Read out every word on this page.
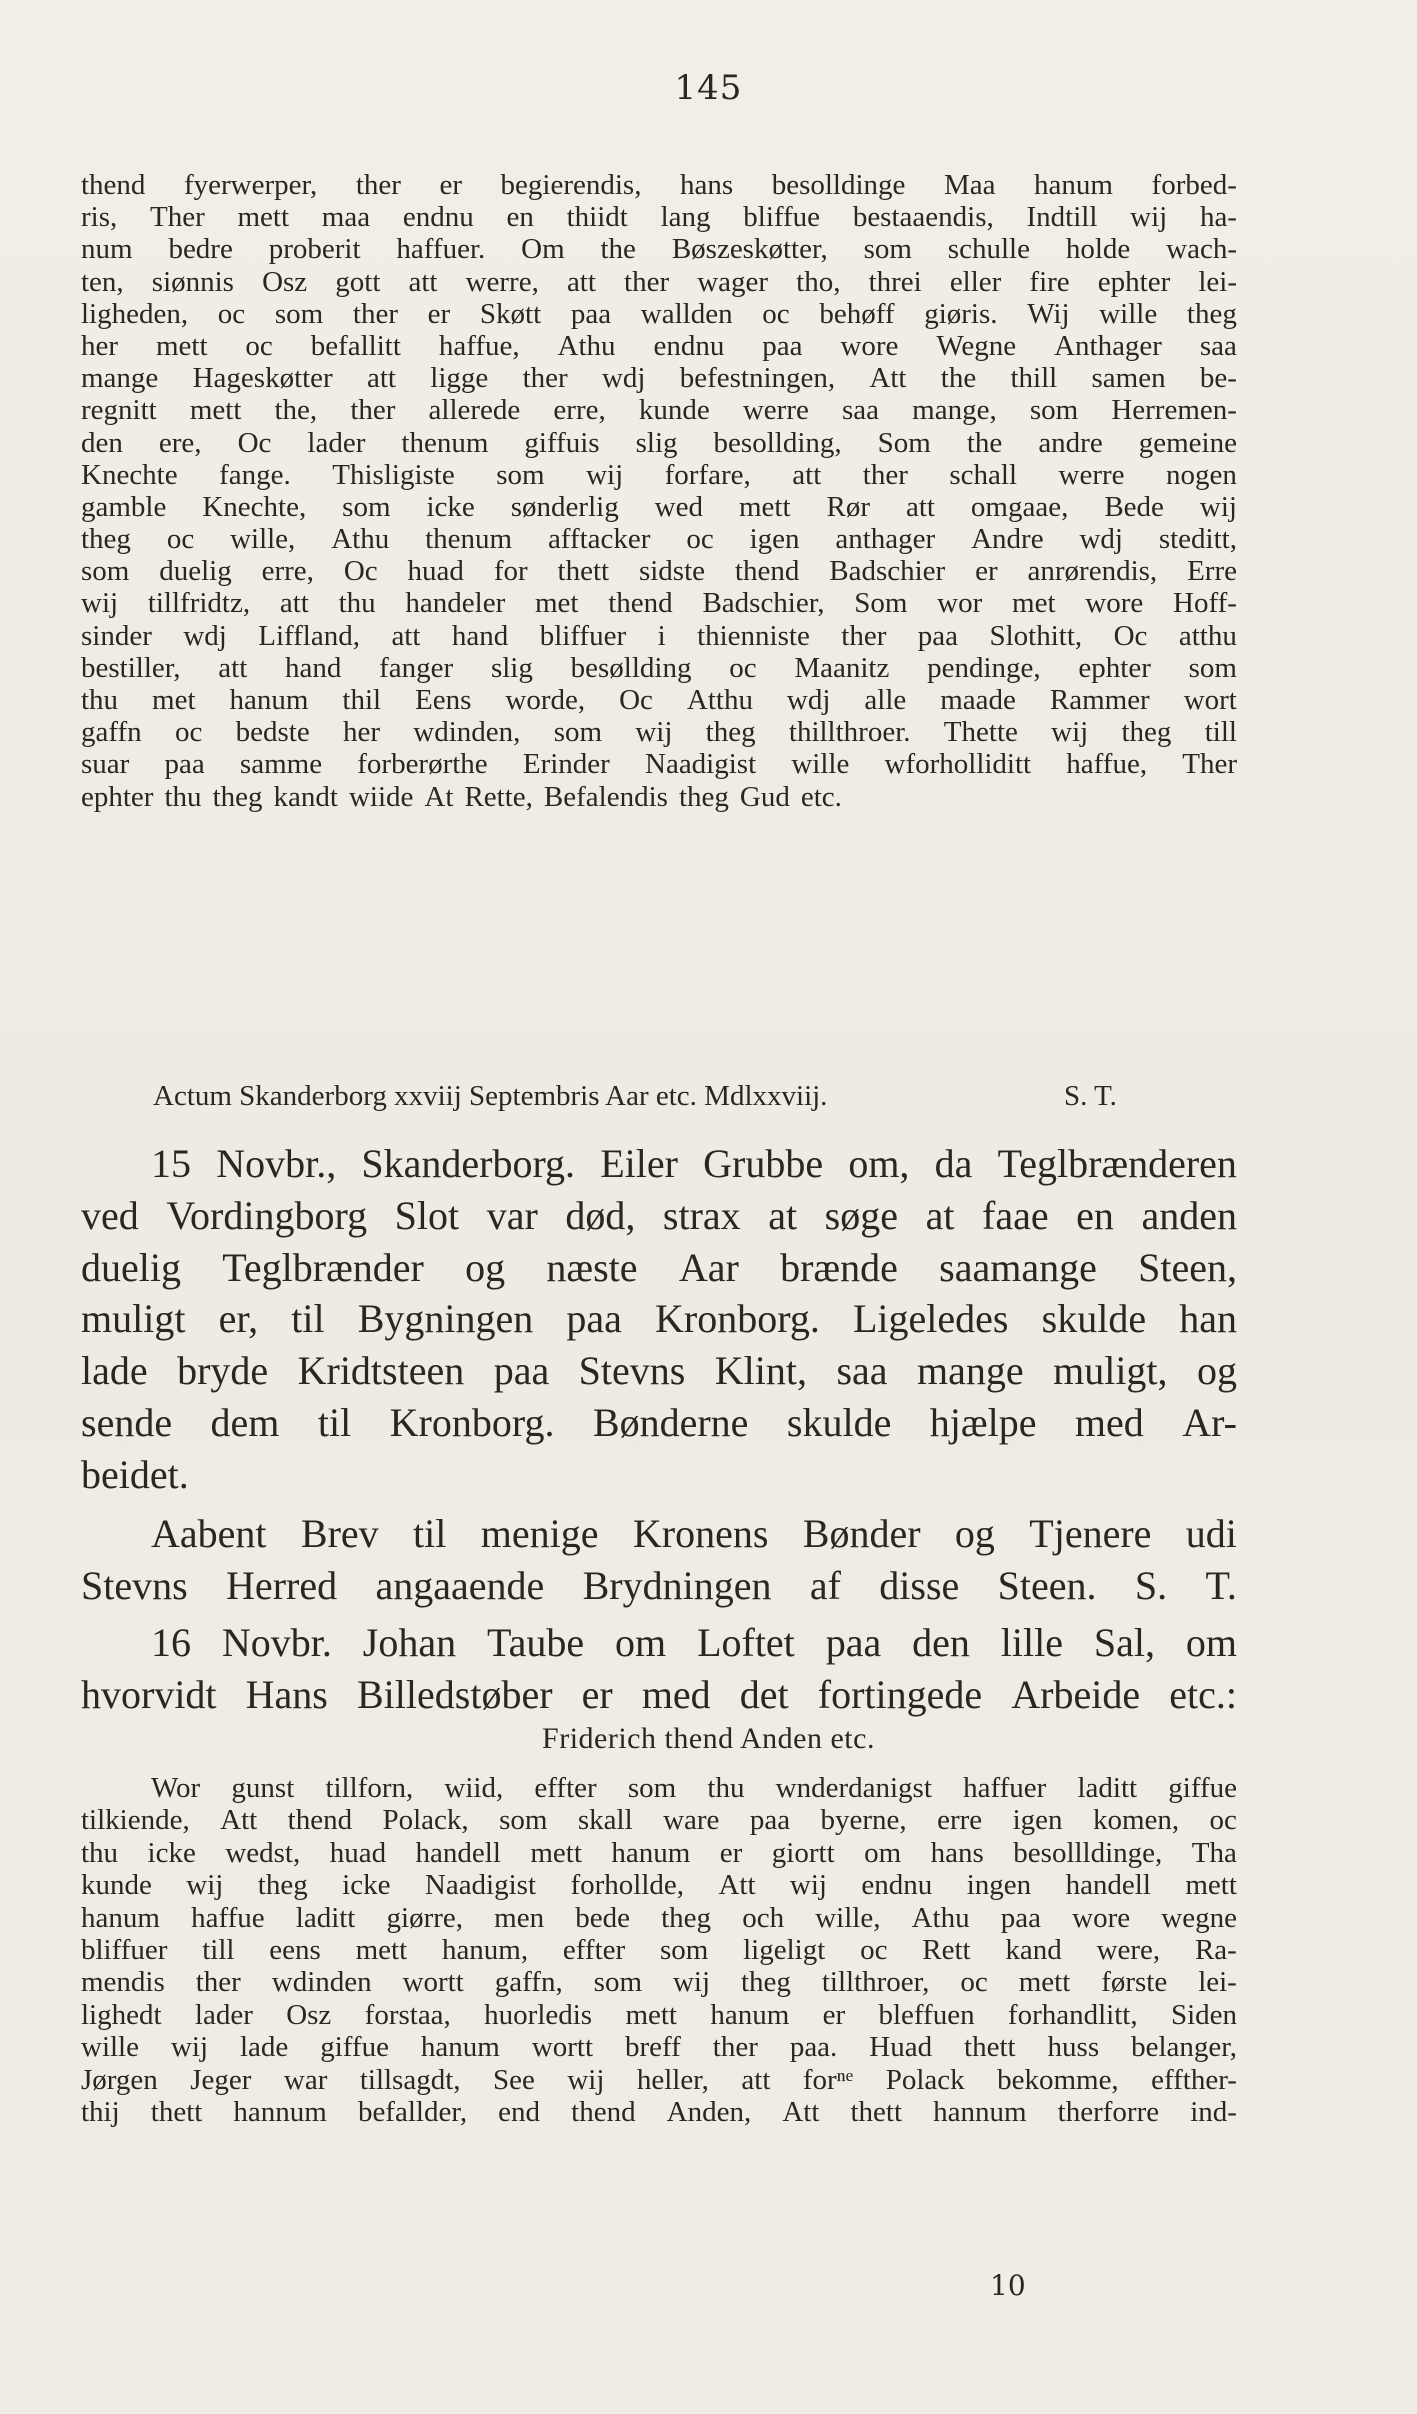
145
thend fyerwerper, ther er begierendis, hans besolldinge Maa hanum forbed-
ris, Ther mett maa endnu en thiidt lang bliffue bestaaendis, Indtill wij ha-
num bedre proberit haffuer. Om the Bøszeskøtter, som schulle holde wach-
ten, siønnis Osz gott att werre, att ther wager tho, threi eller fire ephter lei-
ligheden, oc som ther er Skøtt paa wallden oc behøff giøris. Wij wille theg
her mett oc befallitt haffue, Athu endnu paa wore Wegne Anthager saa
mange Hageskøtter att ligge ther wdj befestningen, Att the thill samen be-
regnitt mett the, ther allerede erre, kunde werre saa mange, som Herremen-
den ere, Oc lader thenum giffuis slig besollding, Som the andre gemeine
Knechte fange. Thisligiste som wij forfare, att ther schall werre nogen
gamble Knechte, som icke sønderlig wed mett Rør att omgaae, Bede wij
theg oc wille, Athu thenum afftacker oc igen anthager Andre wdj steditt,
som duelig erre, Oc huad for thett sidste thend Badschier er anrørendis, Erre
wij tillfridtz, att thu handeler met thend Badschier, Som wor met wore Hoff-
sinder wdj Liffland, att hand bliffuer i thienniste ther paa Slothitt, Oc atthu
bestiller, att hand fanger slig besøllding oc Maanitz pendinge, ephter som
thu met hanum thil Eens worde, Oc Atthu wdj alle maade Rammer wort
gaffn oc bedste her wdinden, som wij theg thillthroer. Thette wij theg till
suar paa samme forberørthe Erinder Naadigist wille wforholliditt haffue, Ther
ephter thu theg kandt wiide At Rette, Befalendis theg Gud etc.
Actum Skanderborg xxviij Septembris Aar etc. Mdlxxviij.	S. T.
15 Novbr., Skanderborg. Eiler Grubbe om, da Teglbrænderen
ved Vordingborg Slot var død, strax at søge at faae en anden
duelig Teglbrænder og næste Aar brænde saamange Steen,
muligt er, til Bygningen paa Kronborg. Ligeledes skulde han
lade bryde Kridtsteen paa Stevns Klint, saa mange muligt, og
sende dem til Kronborg. Bønderne skulde hjælpe med Ar-
beidet.
Aabent Brev til menige Kronens Bønder og Tjenere udi
Stevns Herred angaaende Brydningen af disse Steen. S. T.
16 Novbr. Johan Taube om Loftet paa den lille Sal, om
hvorvidt Hans Billedstøber er med det fortingede Arbeide etc.:
Friderich thend Anden etc.
Wor gunst tillforn, wiid, effter som thu wnderdanigst haffuer laditt giffue
tilkiende, Att thend Polack, som skall ware paa byerne, erre igen komen, oc
thu icke wedst, huad handell mett hanum er giortt om hans besollldinge, Tha
kunde wij theg icke Naadigist forhollde, Att wij endnu ingen handell mett
hanum haffue laditt giørre, men bede theg och wille, Athu paa wore wegne
bliffuer till eens mett hanum, effter som ligeligt oc Rett kand were, Ra-
mendis ther wdinden wortt gaffn, som wij theg tillthroer, oc mett første lei-
lighedt lader Osz forstaa, huorledis mett hanum er bleffuen forhandlitt, Siden
wille wij lade giffue hanum wortt breff ther paa. Huad thett huss belanger,
Jørgen Jeger war tillsagdt, See wij heller, att forⁿᵉ Polack bekomme, effther-
thij thett hannum befallder, end thend Anden, Att thett hannum therforre ind-
10
